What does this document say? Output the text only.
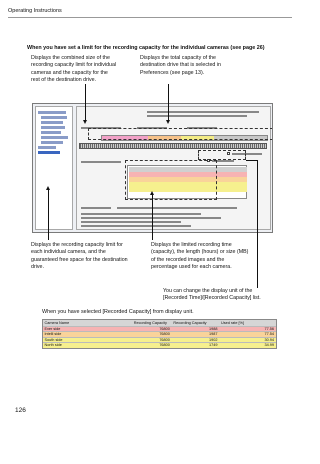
Operating Instructions
When you have set a limit for the recording capacity for the individual cameras (see page 26)
Displays the combined size of the
recording capacity limit for individual
cameras and the capacity for the
rest of the destination drive.
Displays the total capacity of the
destination drive that is selected in
Preferences (see page 13).
Displays the recording capacity limit for
each individual camera, and the
guaranteed free space for the destination
drive.
Displays the limited recording time
(capacity), the length (hours) or size (MB)
of the recorded images and the
percentage used for each camera.
You can change the display unit of the
[Recorded Time]/[Recorded Capacity] list.
When you have selected [Recorded Capacity] from display unit.
Camera Name	Recording Capacity	Recording Capacity	Used rate [%]
Exer side	76800	1988	77.56
Intelli side	76800	1987	77.54
South side	76800	1902	30.94
North side	76800	1749	34.99
126
